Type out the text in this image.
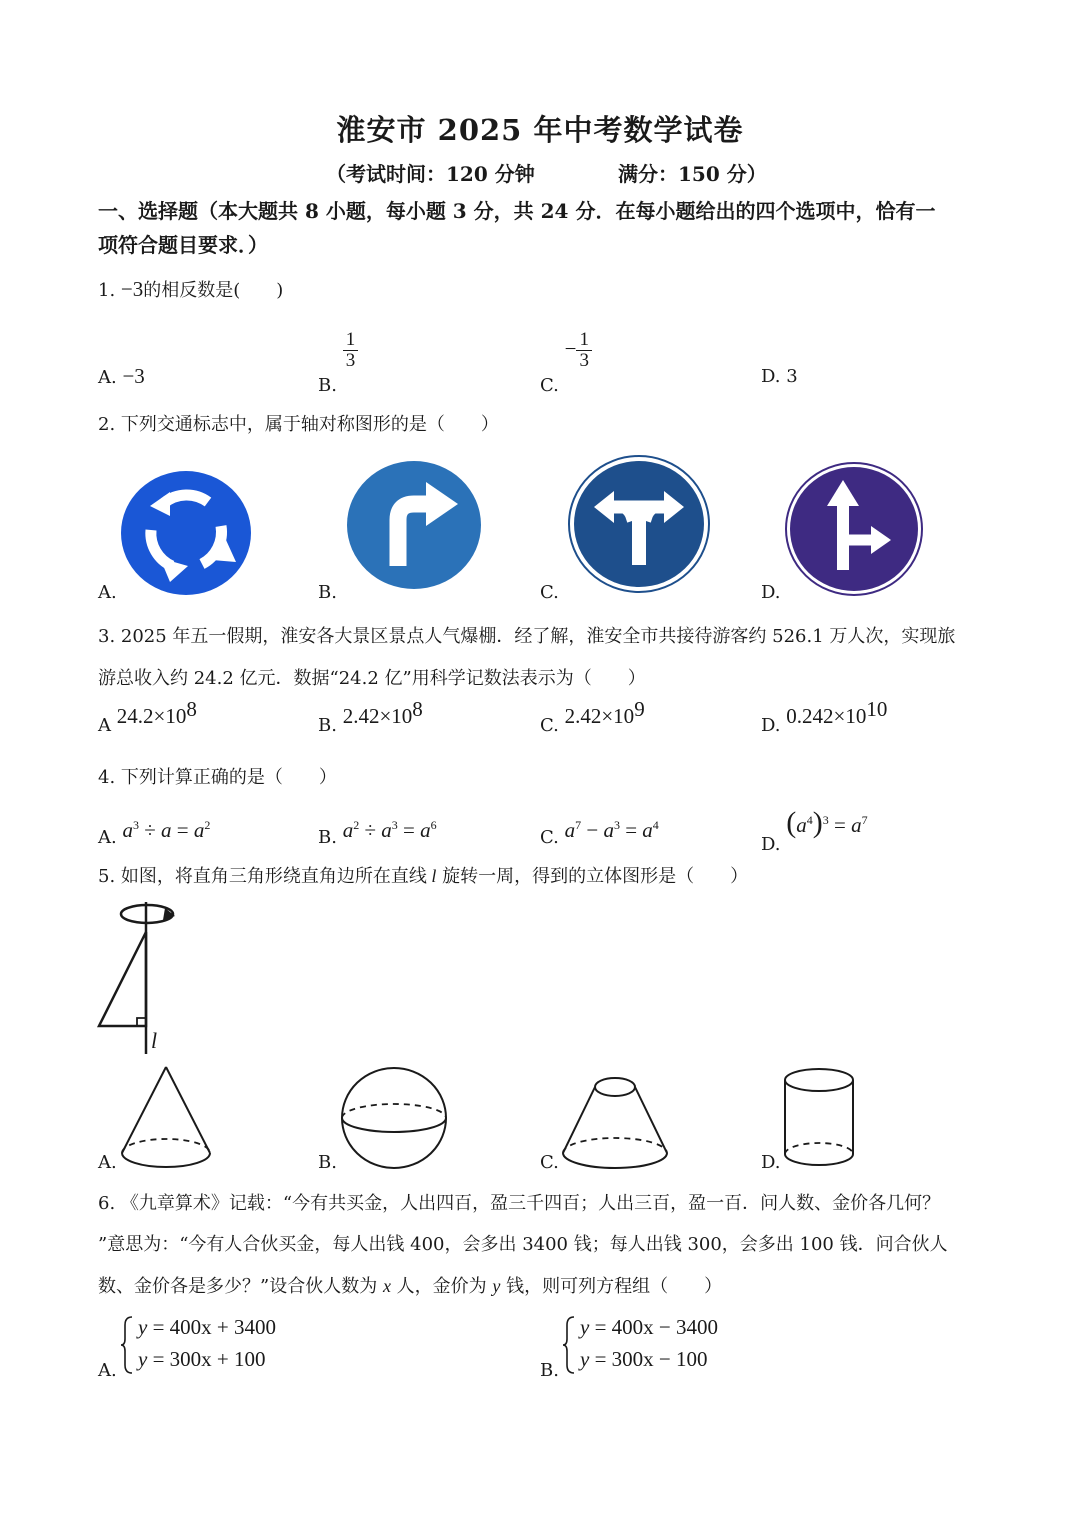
淮安市 2025 年中考数学试卷
（考试时间：120 分钟	满分：150 分）
一、选择题（本大题共 8 小题，每小题 3 分，共 24 分．在每小题给出的四个选项中，恰有一
项符合题目要求．）
1. −3的相反数是(　　)
A. −3	B.
$\frac{1}{3}$
C. − $\frac{1}{3}$
D. 3
2. 下列交通标志中，属于轴对称图形的是（　　）
A.	B.	C.	D.
3. 2025 年五一假期，淮安各大景区景点人气爆棚．经了解，淮安全市共接待游客约 526.1 万人次，实现旅
游总收入约 24.2 亿元．数据“24.2 亿”用科学记数法表示为（　　）
A $24.2\times 10^8$
B. $2.42\times 10^8$
C. $2.42\times 10^9$
D. $0.242\times 10^{10}$
4. 下列计算正确的是（　　）
A. $a^3 \div a = a^2$
B. $a^2 \div a^3 = a^6$
C. $a^7 - a^3 = a^4$
D. $(a^4)^3 = a^7$
5. 如图，将直角三角形绕直角边所在直线 l 旋转一周，得到的立体图形是（　　）
l
A.	B.	C.	D.
6. 《九章算术》记载：“今有共买金，人出四百，盈三千四百；人出三百，盈一百．问人数、金价各几何？
”意思为：“今有人合伙买金，每人出钱 400，会多出 3400 钱；每人出钱 300，会多出 100 钱．问合伙人
数、金价各是多少？”设合伙人数为 x 人，金价为 y 钱，则可列方程组（　　）
A.
y = 400x + 3400
y = 300x + 100	B.
y = 400x − 3400
y = 300x − 100
